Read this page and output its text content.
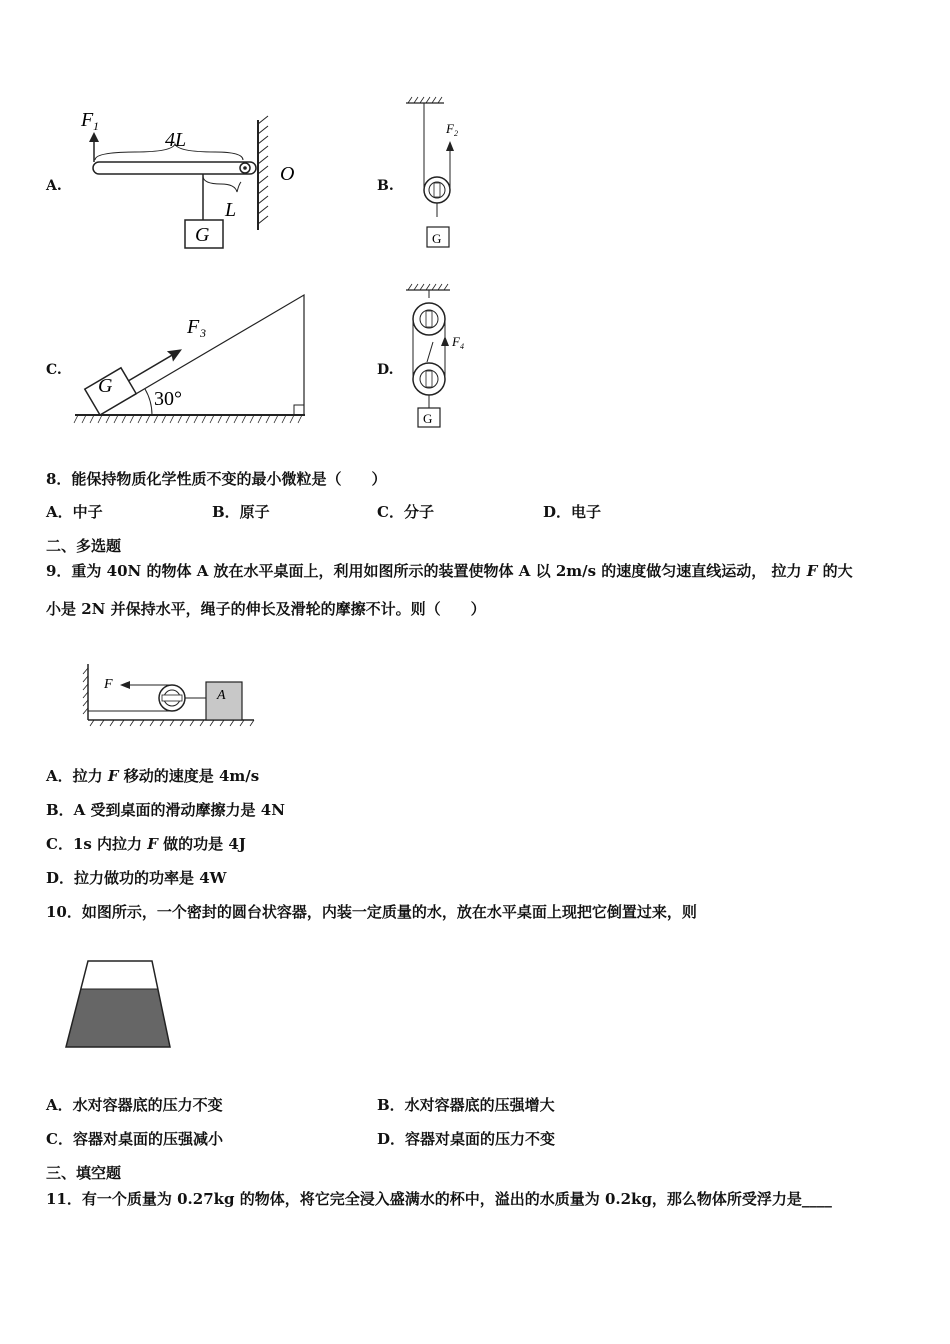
A.	B.
C.	D.
F 1
4L
L
O
G
F 2
G
30°
G
F 3
F 4
G
8．能保持物质化学性质不变的最小微粒是（　　）
A．中子	B．原子	C．分子	D．电子
二、多选题
9．重为 40N 的物体 A 放在水平桌面上，利用如图所示的装置使物体 A 以 2m/s 的速度做匀速直线运动， 拉力 F 的大
小是 2N 并保持水平，绳子的伸长及滑轮的摩擦不计。则（　　）
F
A
A．拉力 F 移动的速度是 4m/s
B．A 受到桌面的滑动摩擦力是 4N
C．1s 内拉力 F 做的功是 4J
D．拉力做功的功率是 4W
10．如图所示，一个密封的圆台状容器，内装一定质量的水，放在水平桌面上现把它倒置过来，则
A．水对容器底的压力不变	B．水对容器底的压强增大
C．容器对桌面的压强减小	D．容器对桌面的压力不变
三、填空题
11．有一个质量为 0.27kg 的物体，将它完全浸入盛满水的杯中，溢出的水质量为 0.2kg，那么物体所受浮力是____
